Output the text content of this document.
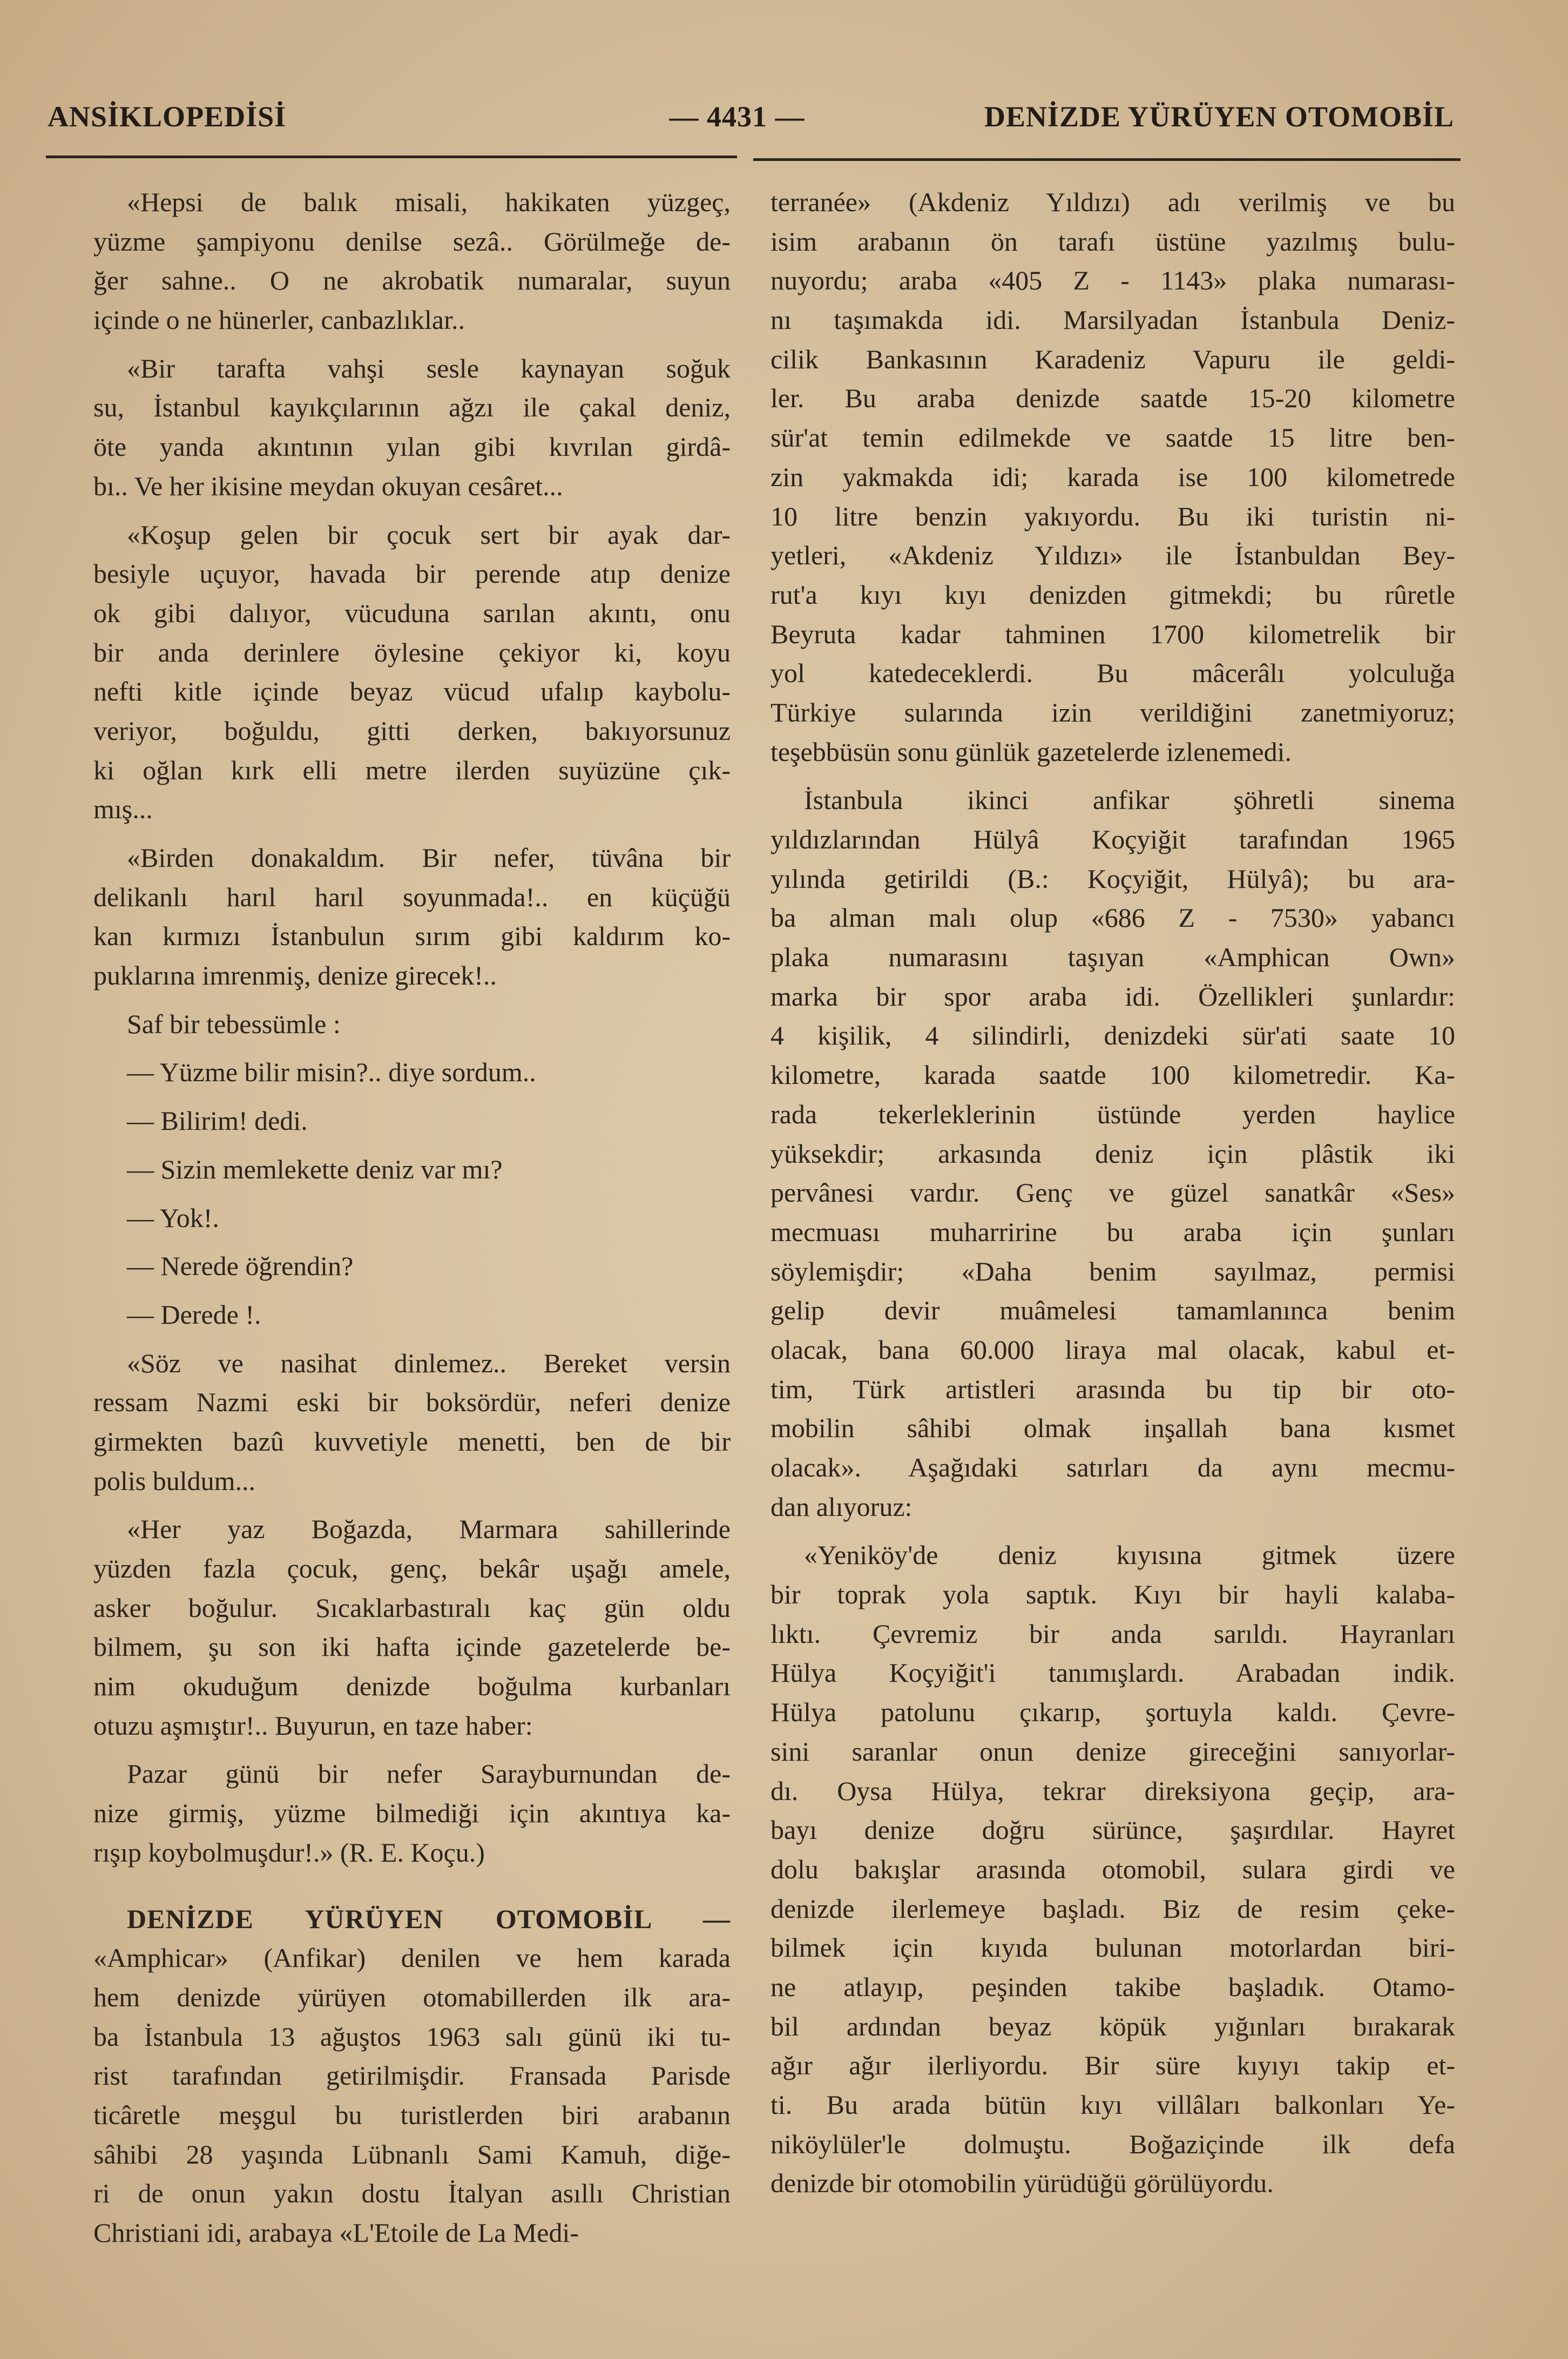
ANSİKLOPEDİSİ	— 4431 —	DENİZDE YÜRÜYEN OTOMOBİL
«Hepsi de balık misali, hakikaten yüzgeç,
yüzme şampiyonu denilse sezâ.. Görülmeğe de-
ğer sahne.. O ne akrobatik numaralar, suyun
içinde o ne hünerler, canbazlıklar..
«Bir tarafta vahşi sesle kaynayan soğuk
su, İstanbul kayıkçılarının ağzı ile çakal deniz,
öte yanda akıntının yılan gibi kıvrılan girdâ-
bı.. Ve her ikisine meydan okuyan cesâret...
«Koşup gelen bir çocuk sert bir ayak dar-
besiyle uçuyor, havada bir perende atıp denize
ok gibi dalıyor, vücuduna sarılan akıntı, onu
bir anda derinlere öylesine çekiyor ki, koyu
nefti kitle içinde beyaz vücud ufalıp kaybolu-
veriyor, boğuldu, gitti derken, bakıyorsunuz
ki oğlan kırk elli metre ilerden suyüzüne çık-
mış...
«Birden donakaldım. Bir nefer, tüvâna bir
delikanlı harıl harıl soyunmada!.. en küçüğü
kan kırmızı İstanbulun sırım gibi kaldırım ko-
puklarına imrenmiş, denize girecek!..
Saf bir tebessümle :
— Yüzme bilir misin?.. diye sordum..
— Bilirim! dedi.
— Sizin memlekette deniz var mı?
— Yok!.
— Nerede öğrendin?
— Derede !.
«Söz ve nasihat dinlemez.. Bereket versin
ressam Nazmi eski bir boksördür, neferi denize
girmekten bazû kuvvetiyle menetti, ben de bir
polis buldum...
«Her yaz Boğazda, Marmara sahillerinde
yüzden fazla çocuk, genç, bekâr uşağı amele,
asker boğulur. Sıcaklarbastıralı kaç gün oldu
bilmem, şu son iki hafta içinde gazetelerde be-
nim okuduğum denizde boğulma kurbanları
otuzu aşmıştır!.. Buyurun, en taze haber:
Pazar günü bir nefer Sarayburnundan de-
nize girmiş, yüzme bilmediği için akıntıya ka-
rışıp koybolmuşdur!.» (R. E. Koçu.)
DENİZDE YÜRÜYEN OTOMOBİL —
«Amphicar» (Anfikar) denilen ve hem karada
hem denizde yürüyen otomabillerden ilk ara-
ba İstanbula 13 ağuştos 1963 salı günü iki tu-
rist tarafından getirilmişdir. Fransada Parisde
ticâretle meşgul bu turistlerden biri arabanın
sâhibi 28 yaşında Lübnanlı Sami Kamuh, diğe-
ri de onun yakın dostu İtalyan asıllı Christian
Christiani idi, arabaya «L'Etoile de La Medi-
terranée» (Akdeniz Yıldızı) adı verilmiş ve bu
isim arabanın ön tarafı üstüne yazılmış bulu-
nuyordu; araba «405 Z - 1143» plaka numarası-
nı taşımakda idi. Marsilyadan İstanbula Deniz-
cilik Bankasının Karadeniz Vapuru ile geldi-
ler. Bu araba denizde saatde 15-20 kilometre
sür'at temin edilmekde ve saatde 15 litre ben-
zin yakmakda idi; karada ise 100 kilometrede
10 litre benzin yakıyordu. Bu iki turistin ni-
yetleri, «Akdeniz Yıldızı» ile İstanbuldan Bey-
rut'a kıyı kıyı denizden gitmekdi; bu rûretle
Beyruta kadar tahminen 1700 kilometrelik bir
yol katedeceklerdi. Bu mâcerâlı yolculuğa
Türkiye sularında izin verildiğini zanetmiyoruz;
teşebbüsün sonu günlük gazetelerde izlenemedi.
İstanbula ikinci anfikar şöhretli sinema
yıldızlarından Hülyâ Koçyiğit tarafından 1965
yılında getirildi (B.: Koçyiğit, Hülyâ); bu ara-
ba alman malı olup «686 Z - 7530» yabancı
plaka numarasını taşıyan «Amphican Own»
marka bir spor araba idi. Özellikleri şunlardır:
4 kişilik, 4 silindirli, denizdeki sür'ati saate 10
kilometre, karada saatde 100 kilometredir. Ka-
rada tekerleklerinin üstünde yerden haylice
yüksekdir; arkasında deniz için plâstik iki
pervânesi vardır. Genç ve güzel sanatkâr «Ses»
mecmuası muharririne bu araba için şunları
söylemişdir; «Daha benim sayılmaz, permisi
gelip devir muâmelesi tamamlanınca benim
olacak, bana 60.000 liraya mal olacak, kabul et-
tim, Türk artistleri arasında bu tip bir oto-
mobilin sâhibi olmak inşallah bana kısmet
olacak». Aşağıdaki satırları da aynı mecmu-
dan alıyoruz:
«Yeniköy'de deniz kıyısına gitmek üzere
bir toprak yola saptık. Kıyı bir hayli kalaba-
lıktı. Çevremiz bir anda sarıldı. Hayranları
Hülya Koçyiğit'i tanımışlardı. Arabadan indik.
Hülya patolunu çıkarıp, şortuyla kaldı. Çevre-
sini saranlar onun denize gireceğini sanıyorlar-
dı. Oysa Hülya, tekrar direksiyona geçip, ara-
bayı denize doğru sürünce, şaşırdılar. Hayret
dolu bakışlar arasında otomobil, sulara girdi ve
denizde ilerlemeye başladı. Biz de resim çeke-
bilmek için kıyıda bulunan motorlardan biri-
ne atlayıp, peşinden takibe başladık. Otamo-
bil ardından beyaz köpük yığınları bırakarak
ağır ağır ilerliyordu. Bir süre kıyıyı takip et-
ti. Bu arada bütün kıyı villâları balkonları Ye-
niköylüler'le dolmuştu. Boğaziçinde ilk defa
denizde bir otomobilin yürüdüğü görülüyordu.
